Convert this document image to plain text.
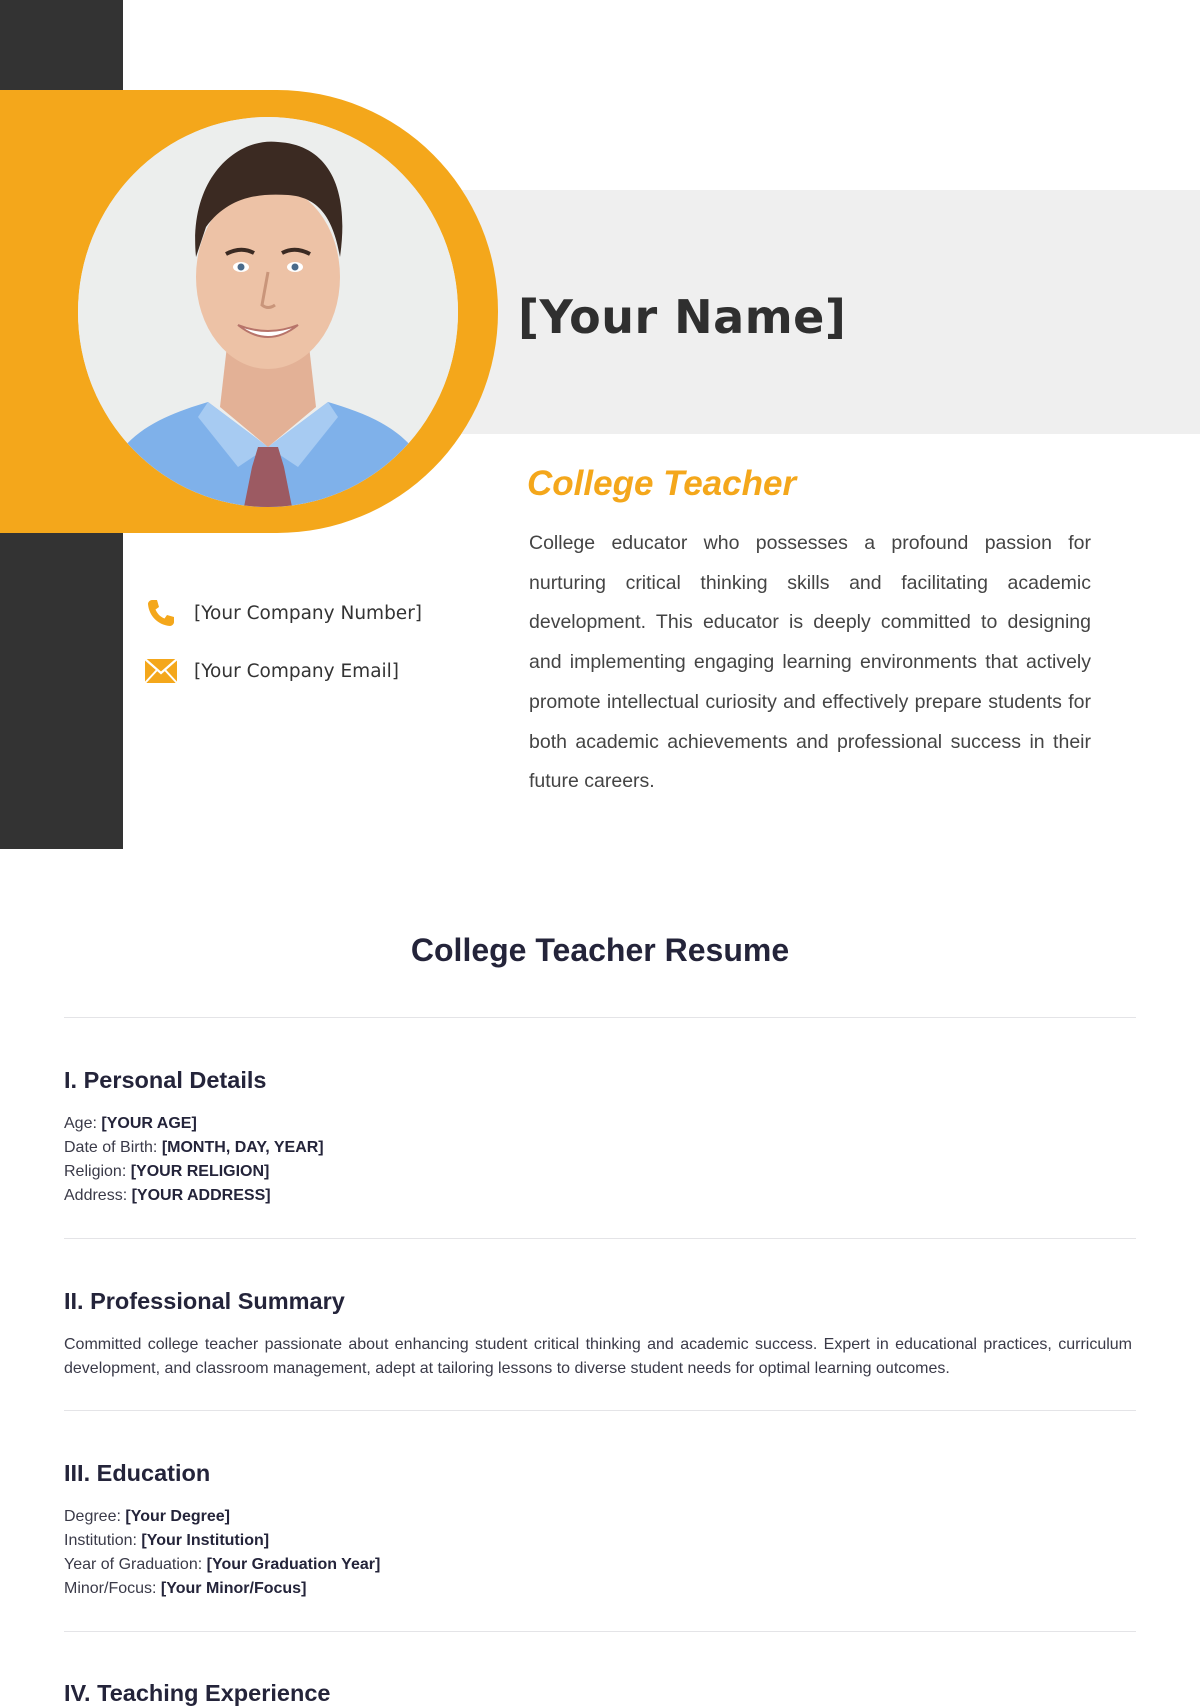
[Your Name]
College Teacher

College educator who possesses a profound passion for nurturing critical thinking skills and facilitating academic development. This educator is deeply committed to designing and implementing engaging learning environments that actively promote intellectual curiosity and effectively prepare students for both academic achievements and professional success in their future careers.

[Your Company Number]
[Your Company Email]
College Teacher Resume
I. Personal Details
Age: [YOUR AGE]
Date of Birth: [MONTH, DAY, YEAR]
Religion: [YOUR RELIGION]
Address: [YOUR ADDRESS]
II. Professional Summary

Committed college teacher passionate about enhancing student critical thinking and academic success. Expert in educational practices, curriculum development, and classroom management, adept at tailoring lessons to diverse student needs for optimal learning outcomes.

III. Education
Degree: [Your Degree]
Institution: [Your Institution]
Year of Graduation: [Your Graduation Year]
Minor/Focus: [Your Minor/Focus]
IV. Teaching Experience
